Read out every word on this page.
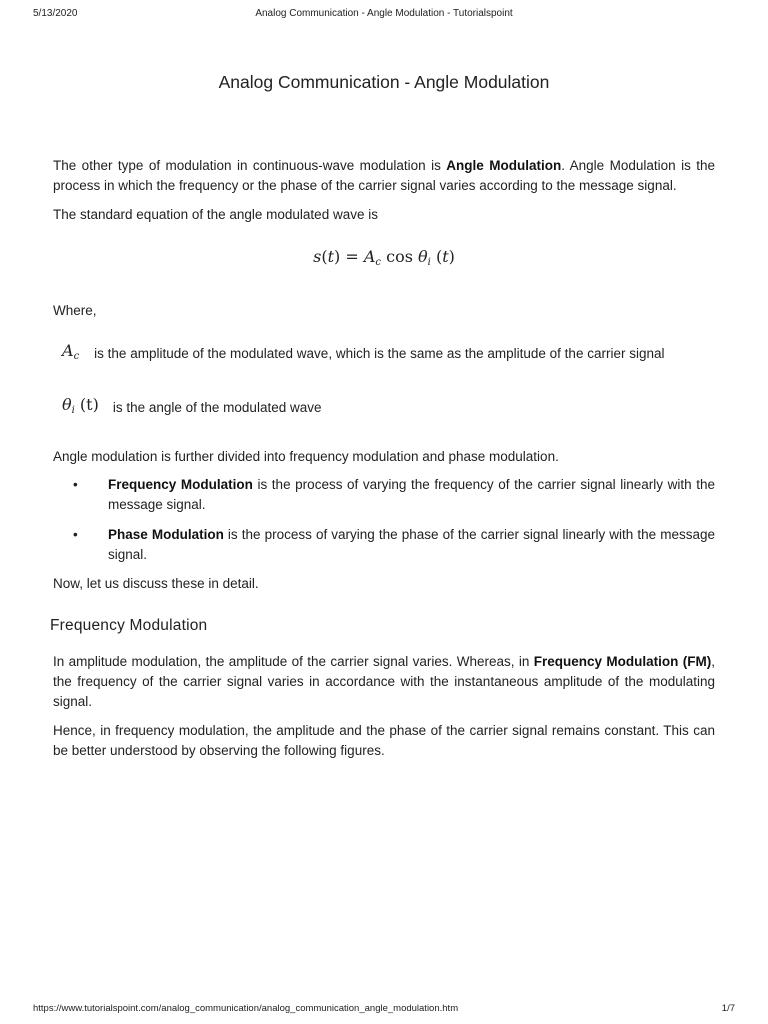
5/13/2020	Analog Communication - Angle Modulation - Tutorialspoint
Analog Communication - Angle Modulation

The other type of modulation in continuous-wave modulation is Angle Modulation. Angle Modulation is the process in which the frequency or the phase of the carrier signal varies according to the message signal.

The standard equation of the angle modulated wave is

$s(t) = A_c$ $\cos \theta_i$ (t)

Where,

$A_c$ is the amplitude of the modulated wave, which is the same as the amplitude of the carrier signal
$\theta_i$ (t) is the angle of the modulated wave

Angle modulation is further divided into frequency modulation and phase modulation.

• Frequency Modulation is the process of varying the frequency of the carrier signal linearly with the message signal.
• Phase Modulation is the process of varying the phase of the carrier signal linearly with the message signal.

Now, let us discuss these in detail.

Frequency Modulation

In amplitude modulation, the amplitude of the carrier signal varies. Whereas, in Frequency Modulation (FM), the frequency of the carrier signal varies in accordance with the instantaneous amplitude of the modulating signal.

Hence, in frequency modulation, the amplitude and the phase of the carrier signal remains constant. This can be better understood by observing the following figures.

https://www.tutorialspoint.com/analog_communication/analog_communication_angle_modulation.htm	1/7
